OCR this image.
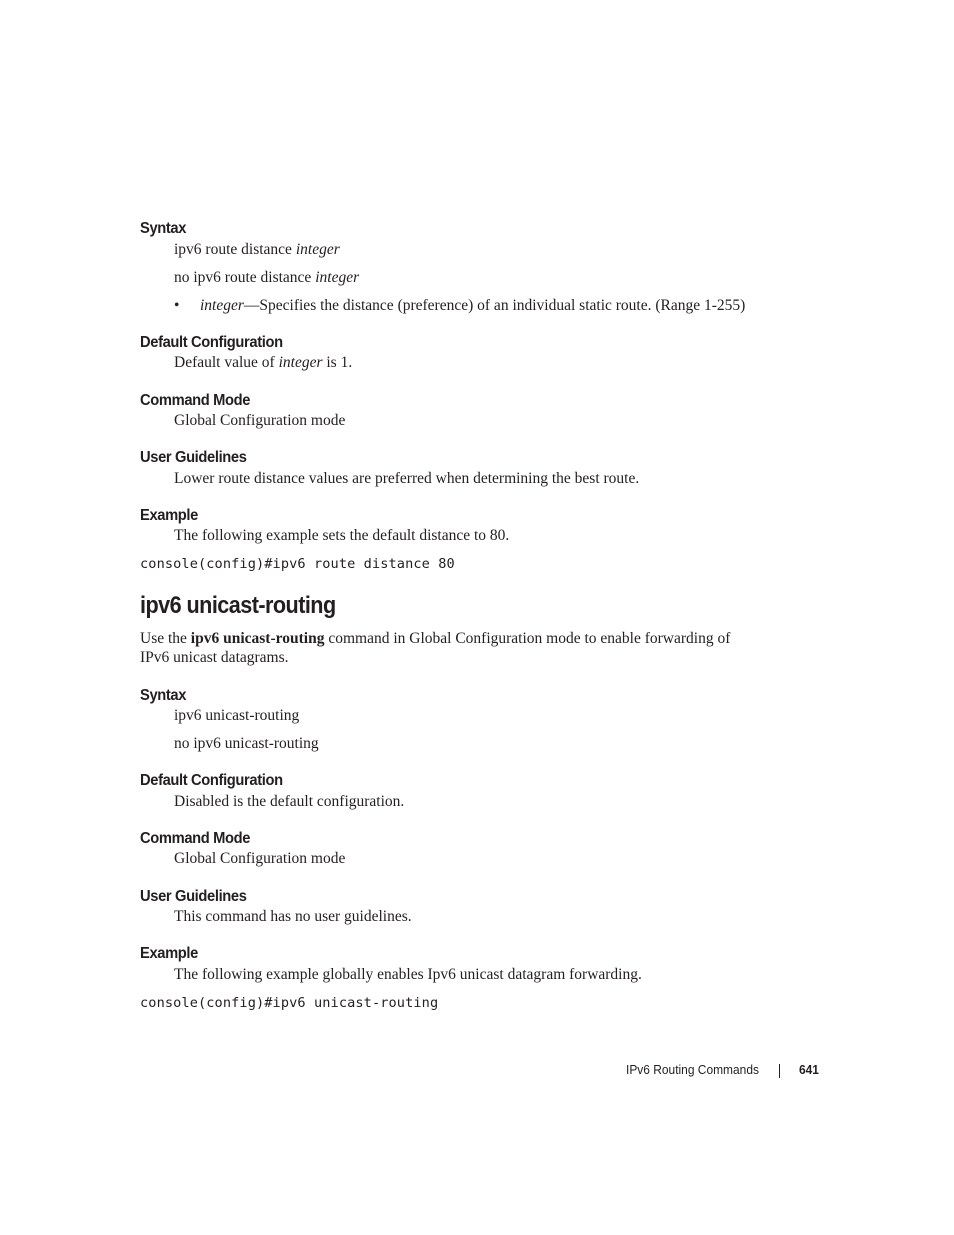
Syntax
ipv6 route distance integer
no ipv6 route distance integer
• integer—Specifies the distance (preference) of an individual static route. (Range 1-255)
Default Configuration
Default value of integer is 1.
Command Mode
Global Configuration mode
User Guidelines
Lower route distance values are preferred when determining the best route.
Example
The following example sets the default distance to 80.
console(config)#ipv6 route distance 80
ipv6 unicast-routing
Use the ipv6 unicast-routing command in Global Configuration mode to enable forwarding of
IPv6 unicast datagrams.
Syntax
ipv6 unicast-routing
no ipv6 unicast-routing
Default Configuration
Disabled is the default configuration.
Command Mode
Global Configuration mode
User Guidelines
This command has no user guidelines.
Example
The following example globally enables Ipv6 unicast datagram forwarding.
console(config)#ipv6 unicast-routing
IPv6 Routing Commands	641
